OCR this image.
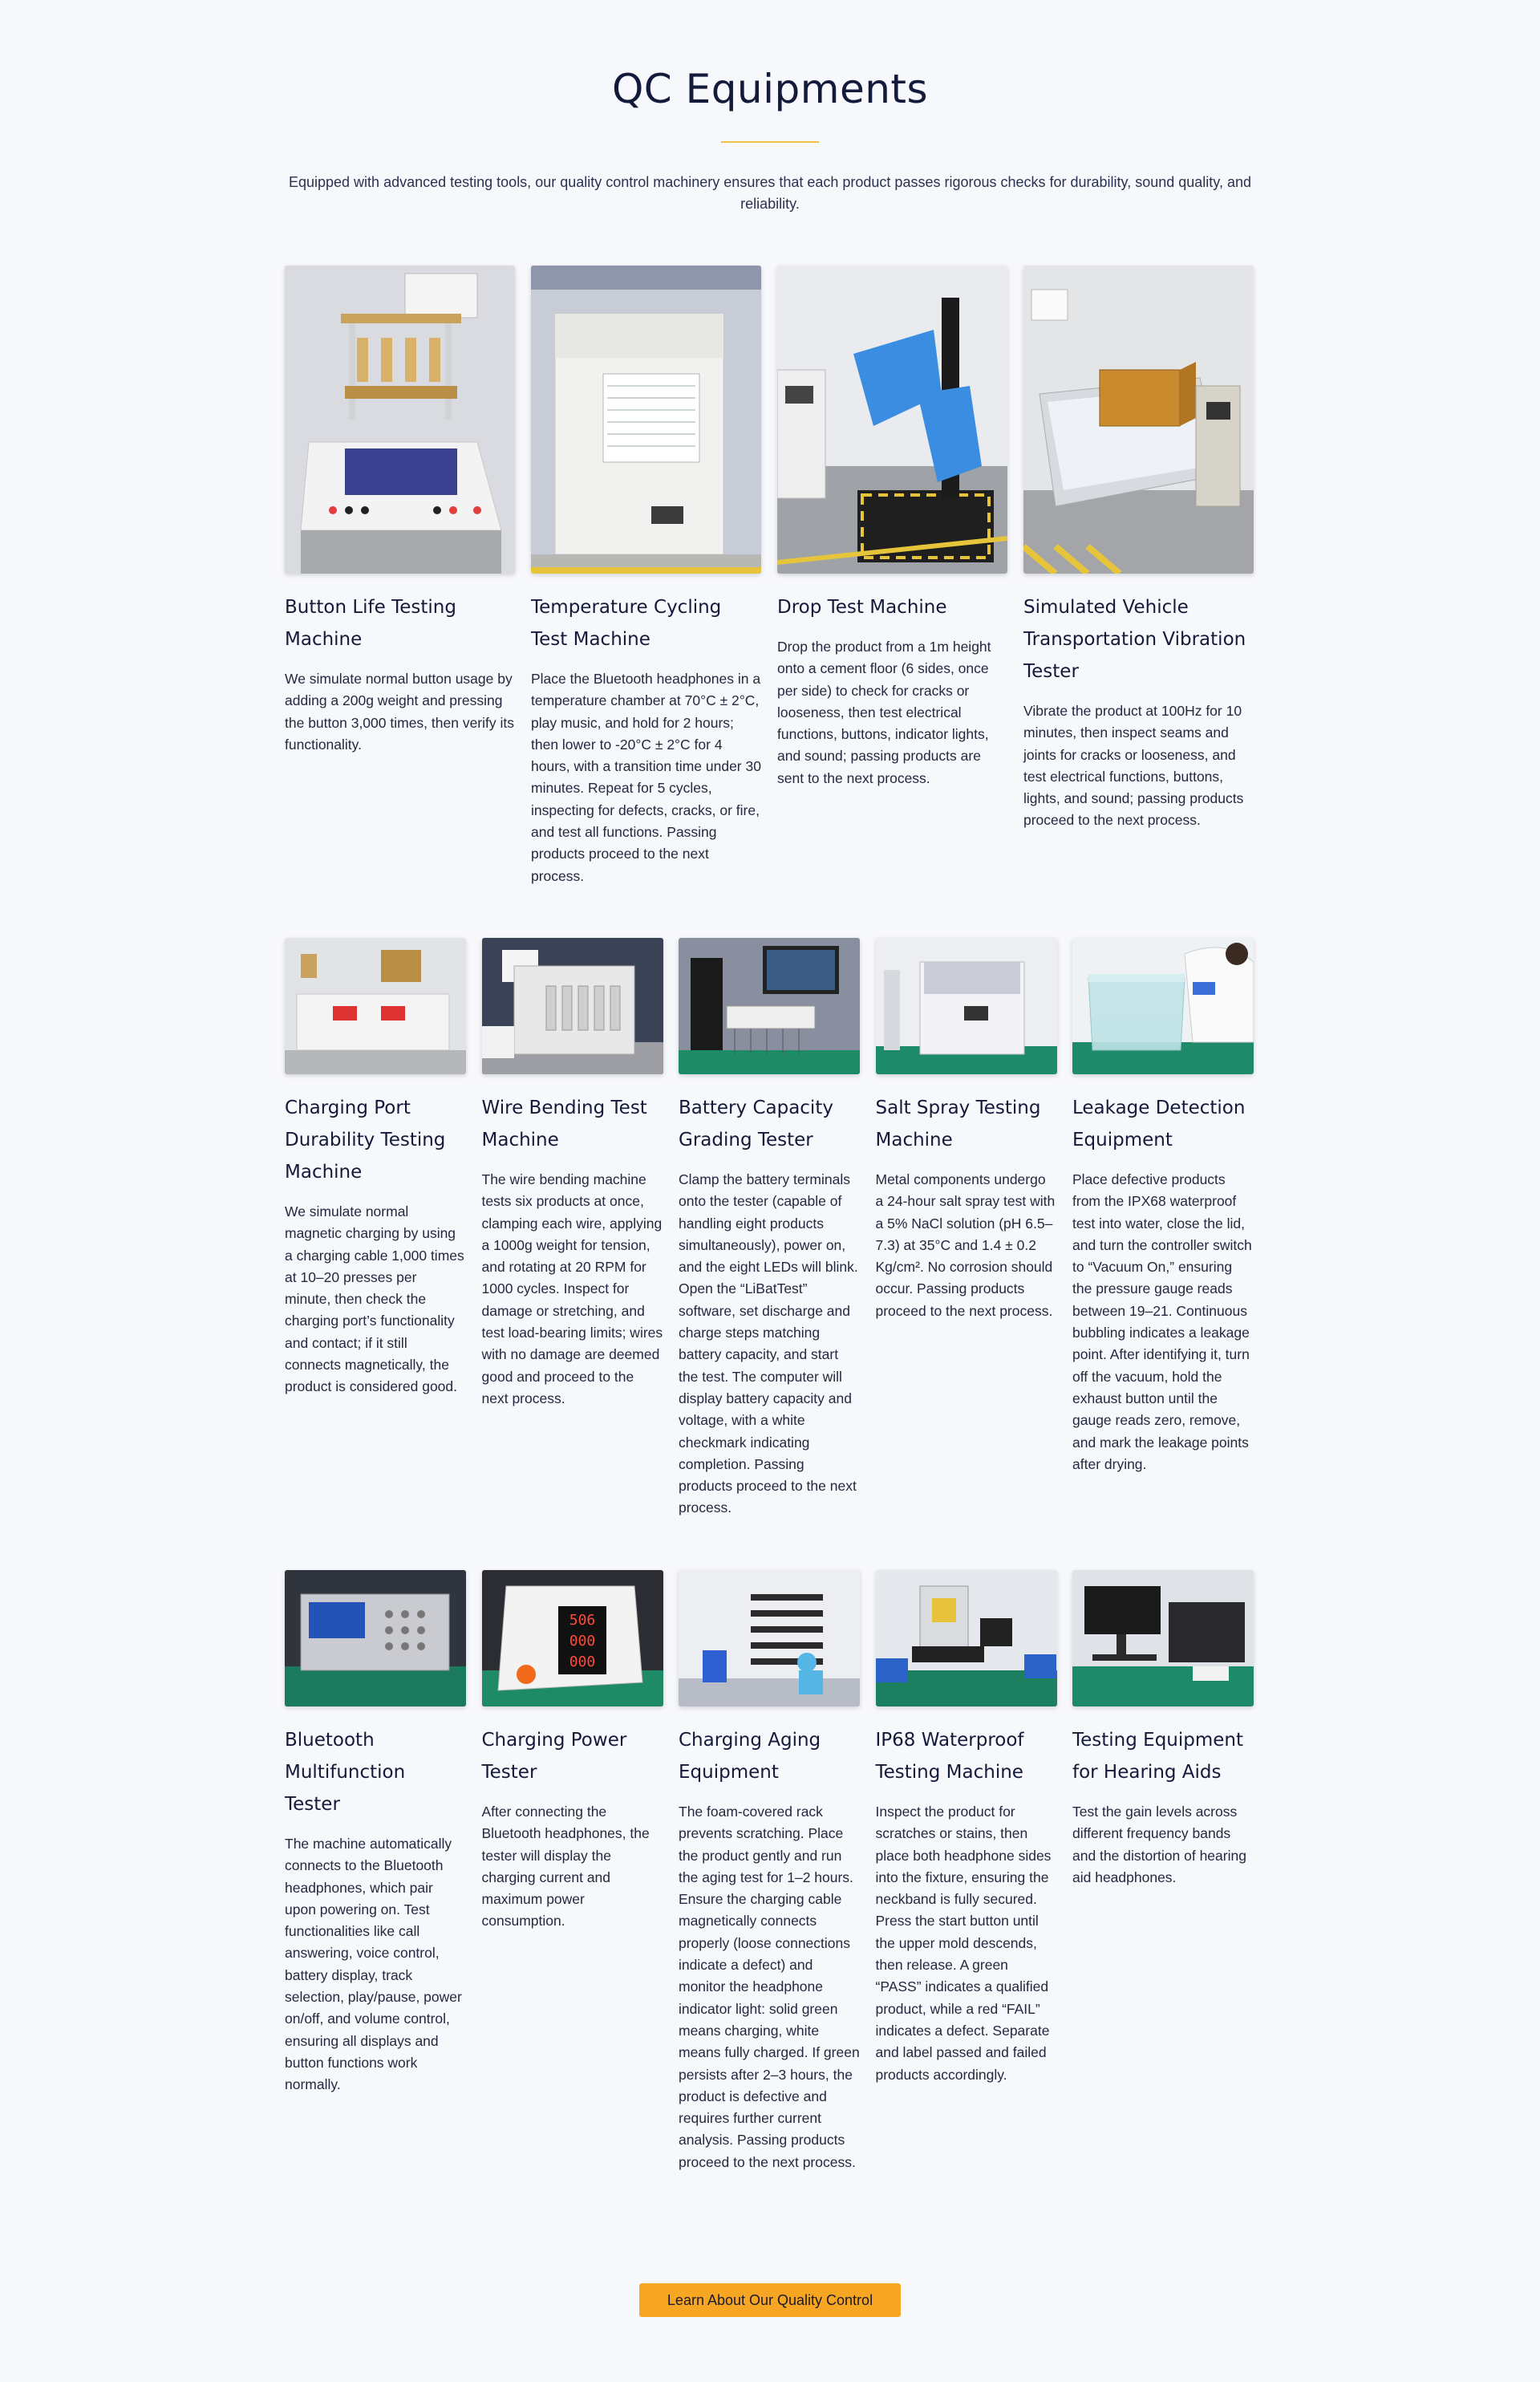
QC Equipments

Equipped with advanced testing tools, our quality control machinery ensures that each product passes rigorous checks for durability, sound quality, and reliability.

Button Life Testing Machine

We simulate normal button usage by adding a 200g weight and pressing the button 3,000 times, then verify its functionality.

Temperature Cycling Test Machine

Place the Bluetooth headphones in a temperature chamber at 70°C ± 2°C, play music, and hold for 2 hours; then lower to -20°C ± 2°C for 4 hours, with a transition time under 30 minutes. Repeat for 5 cycles, inspecting for defects, cracks, or fire, and test all functions. Passing products proceed to the next process.

Drop Test Machine

Drop the product from a 1m height onto a cement floor (6 sides, once per side) to check for cracks or looseness, then test electrical functions, buttons, indicator lights, and sound; passing products are sent to the next process.

Simulated Vehicle Transportation Vibration Tester

Vibrate the product at 100Hz for 10 minutes, then inspect seams and joints for cracks or looseness, and test electrical functions, buttons, lights, and sound; passing products proceed to the next process.

Charging Port Durability Testing Machine

We simulate normal magnetic charging by using a charging cable 1,000 times at 10–20 presses per minute, then check the charging port’s functionality and contact; if it still connects magnetically, the product is considered good.

Wire Bending Test Machine

The wire bending machine tests six products at once, clamping each wire, applying a 1000g weight for tension, and rotating at 20 RPM for 1000 cycles. Inspect for damage or stretching, and test load-bearing limits; wires with no damage are deemed good and proceed to the next process.

Battery Capacity Grading Tester

Clamp the battery terminals onto the tester (capable of handling eight products simultaneously), power on, and the eight LEDs will blink. Open the “LiBatTest” software, set discharge and charge steps matching battery capacity, and start the test. The computer will display battery capacity and voltage, with a white checkmark indicating completion. Passing products proceed to the next process.

Salt Spray Testing Machine

Metal components undergo a 24-hour salt spray test with a 5% NaCl solution (pH 6.5–7.3) at 35°C and 1.4 ± 0.2 Kg/cm². No corrosion should occur. Passing products proceed to the next process.

Leakage Detection Equipment

Place defective products from the IPX68 waterproof test into water, close the lid, and turn the controller switch to “Vacuum On,” ensuring the pressure gauge reads between 19–21. Continuous bubbling indicates a leakage point. After identifying it, turn off the vacuum, hold the exhaust button until the gauge reads zero, remove, and mark the leakage points after drying.

Bluetooth Multifunction Tester

The machine automatically connects to the Bluetooth headphones, which pair upon powering on. Test functionalities like call answering, voice control, battery display, track selection, play/pause, power on/off, and volume control, ensuring all displays and button functions work normally.

506
000
000
Charging Power Tester

After connecting the Bluetooth headphones, the tester will display the charging current and maximum power consumption.

Charging Aging Equipment

The foam-covered rack prevents scratching. Place the product gently and run the aging test for 1–2 hours. Ensure the charging cable magnetically connects properly (loose connections indicate a defect) and monitor the headphone indicator light: solid green means charging, white means fully charged. If green persists after 2–3 hours, the product is defective and requires further current analysis. Passing products proceed to the next process.

IP68 Waterproof Testing Machine

Inspect the product for scratches or stains, then place both headphone sides into the fixture, ensuring the neckband is fully secured. Press the start button until the upper mold descends, then release. A green “PASS” indicates a qualified product, while a red “FAIL” indicates a defect. Separate and label passed and failed products accordingly.

Testing Equipment for Hearing Aids

Test the gain levels across different frequency bands and the distortion of hearing aid headphones.

Learn About Our Quality Control
